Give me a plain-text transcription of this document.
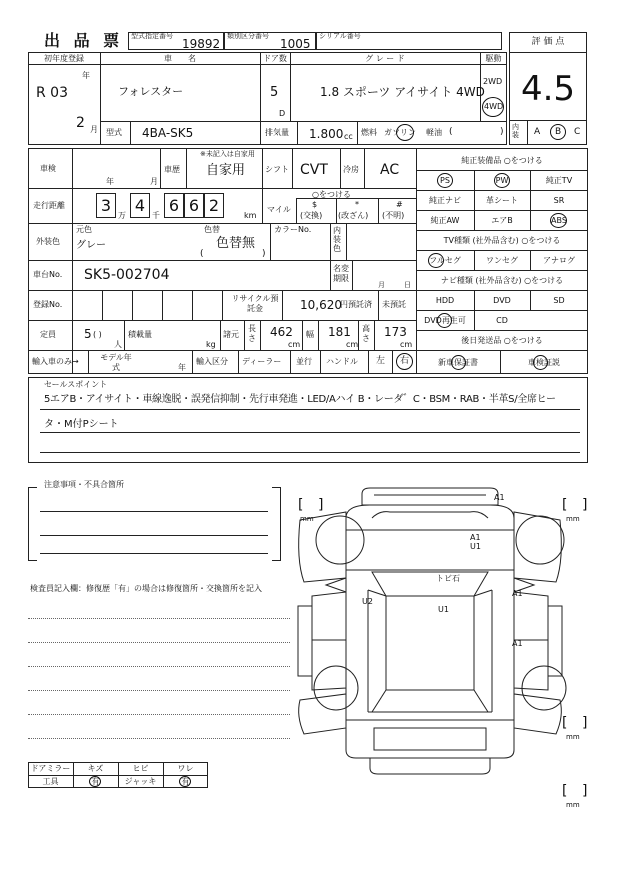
出 品 票 型式指定番号
19892
類別区分番号
1005
シリアル番号
評 価 点
4.5
内装	A B C
初年度登録
年
R 03
2 月
車　　名
フォレスター
ドア数
5
D
グ レ ー ド
1.8 スポーツ アイサイト 4WD
駆動
2WD
4WD
型式 4BA-SK5	排気量 1.800 cc 燃料 ガソリン 軽油 (	)
車検
年	月
車歴
※未記入は自家用
自家用 シフト CVT 冷房 AC
走行距離	3
万
4
千
6 6 2
km
マイル
○をつける
$
(交換)
*
(改ざん)
#
(不明)
外装色
元色
グレー
色替
色替無
(	)
カラーNo.	内装色
車台No. SK5-002704	名変期限
月	日
登録No.
リサイクル預託金	10,620
円預託済 未預託
定員 5 ( )
人
積載量
kg
諸元
長さ 462
cm
幅 181
cm
高さ 173
cm
輸入車のみ→	モデル年式	年
輸入区分 ディーラー 並行 ハンドル 左 右
純正装備品 ○をつける
PS	PW	純正TV
純正ナビ	革シート	SR
純正AW	エアB	ABS
TV種類 (社外品含む) ○をつける
フルセグ	ワンセグ	アナログ
ナビ種類 (社外品含む) ○をつける
HDD	DVD	SD
DVD再生可	CD
後日発送品 ○をつける
新車保証書	車検証説
セールスポイント
5エアB・アイサイト・車線逸脱・誤発信抑制・先行車発進・LED/Aハイ B・レーダ゛C・BSM・RAB・半革S/全席ヒー
タ・M付Pシート
注意事項・不具合箇所
検査員記入欄：修復歴「有」の場合は修復箇所・交換箇所を記入
ドアミラー	キズ	ヒビ	ワレ
工具	有	ジャッキ	有
[ ]
mm
[ ]
mm
[ ]
mm
[ ]
mm
A1
A1
U1
トビ石
U2
U1
A1
A1
